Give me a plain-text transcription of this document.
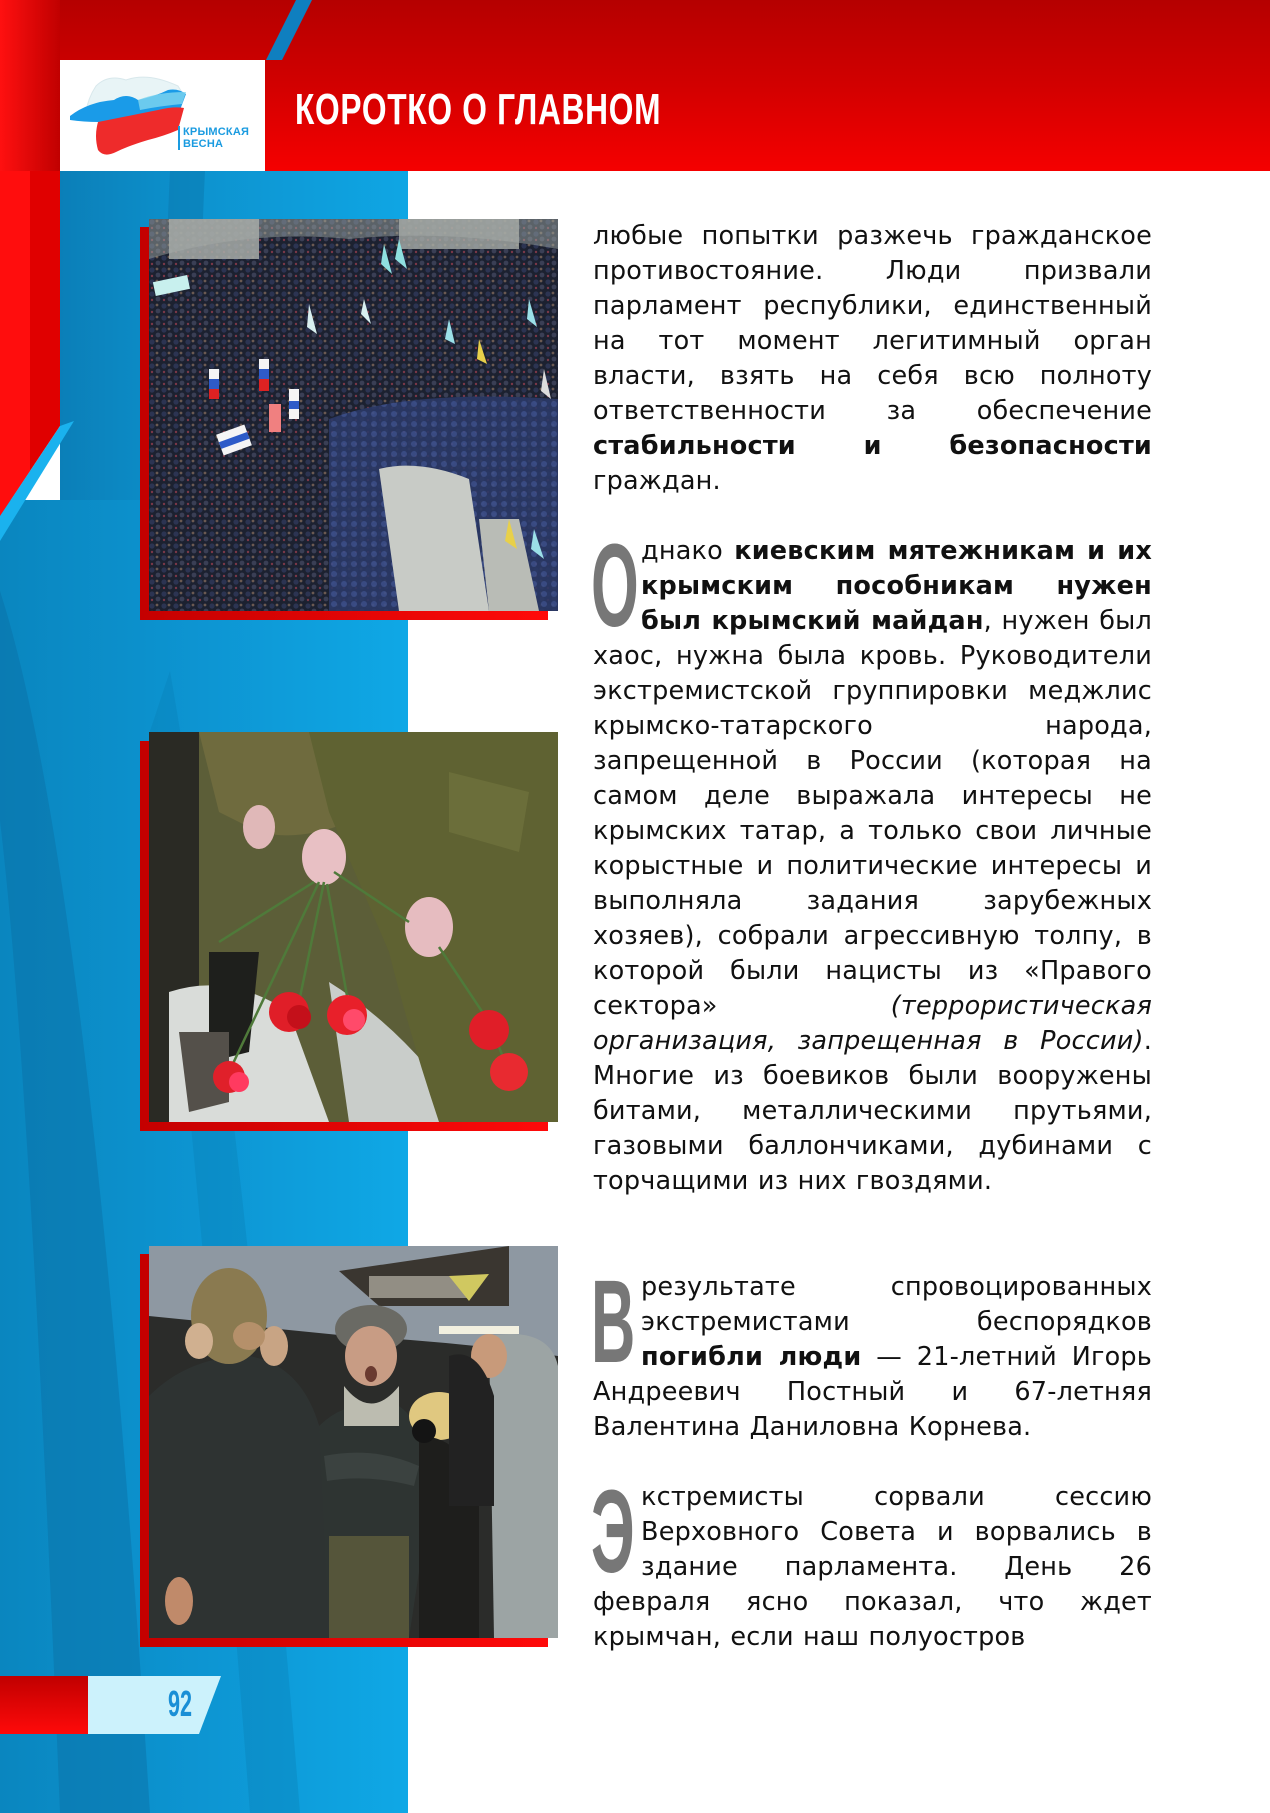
КРЫМСКАЯ
ВЕСНА
КОРОТКО О ГЛАВНОМ

любые попытки разжечь гражданское противостояние. Люди призвали парламент республики, единственный на тот момент легитимный орган власти, взять на себя всю полноту ответственности за обеспечение стабильности и безопасности граждан.

Однако киевским мятежникам и их крымским пособникам нужен был крымский майдан, нужен был хаос, нужна была кровь. Руководители экстремистской группировки меджлис крымско-татарского народа, запрещенной в России (которая на самом деле выражала интересы не крымских татар, а только свои личные корыстные и политические интересы и выполняла задания зарубежных хозяев), собрали агрессивную толпу, в которой были нацисты из «Правого сектора» (террористическая организация, запрещенная в России). Многие из боевиков были вооружены битами, металлическими прутьями, газовыми баллончиками, дубинами с торчащими из них гвоздями.

В результате спровоцированных экстремистами беспорядков погибли люди — 21-летний Игорь Андреевич Постный и 67-летняя Валентина Даниловна Корнева.

Экстремисты сорвали сессию Верховного Совета и ворвались в здание парламента. День 26 февраля ясно показал, что ждет крымчан, если наш полуостров

92
